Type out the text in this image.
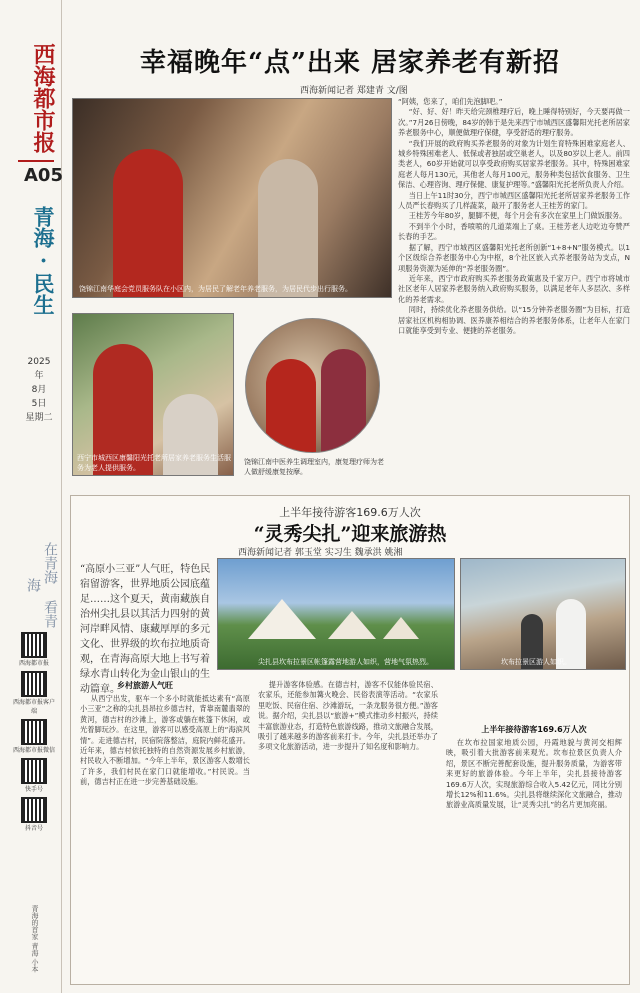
西海都市报
A05
青海·民生
2025年
8月
5日
星期二
在青海 看青海
西海都市报
西海都市报客户端
西海都市报微信
快手号
抖音号
青海的首家 青海 小本
幸福晚年“点”出来 居家养老有新招
西海新闻记者 郑建青 文/图
饶锦江南华庭会党员服务队在小区内，为居民了解老年养老服务，为居民代步出行服务。
西宁市城西区康馨阳光托老所居家养老服务生活服务为老人提供服务。
饶锦江南中医养生调理室内，康复理疗师为老人做舒缓康复按摩。

“阿姨，您来了，咱们先泡脚吧。”

“好、好、好！昨天给完颈椎理疗后，晚上睡得特别好，今天要再做一次。”7月26日傍晚，84岁的韩于是先来西宁市城西区盛馨阳光托老所居家养老服务中心，顺便做理疗保健，享受舒适的理疗服务。

“我们开展的政府购买养老服务的对象为计划生育特殊困难家庭老人、城乡特殊困难老人、低保或者独居或空巢老人，以及80岁以上老人。前四类老人，60岁开始就可以享受政府购买居家养老服务。其中，特殊困难家庭老人每月130元，其他老人每月100元，服务种类包括饮食服务、卫生保洁、心理咨询、理疗保健、康复护理等。”盛馨阳光托老所负责人介绍。

当日上午11时30分，西宁市城西区盛馨阳光托老所居家养老服务工作人员严长春购买了几样蔬菜，敲开了服务老人王桂芳的家门。

王桂芳今年80岁，腿脚不便，每个月会有多次在家里上门做饭服务。

不到半个小时，香喷喷的几道菜端上了桌。王桂芳老人边吃边夸赞严长春的手艺。

据了解，西宁市城西区盛馨阳光托老所创新“1+8+N”服务模式。以1个区级综合养老服务中心为中枢，8个社区嵌入式养老服务站为支点，N项服务资源为延伸的“养老服务圈”。

近年来，西宁市政府购买养老服务政策惠及千家万户。西宁市将城市社区老年人居家养老服务纳入政府购买服务，以满足老年人多层次、多样化的养老需求。

同时，持续优化养老服务供给。以“15分钟养老服务圈”为目标，打造居家社区机构相协调、医养康养相结合的养老服务体系，让老年人在家门口就能享受到专业、便捷的养老服务。

上半年接待游客169.6万人次
“灵秀尖扎”迎来旅游热
西海新闻记者 郭玉堂 实习生 魏承洪 姚湘
“高原小三亚”人气旺，特色民宿留游客，世界地质公园底蕴足……这个夏天，黄南藏族自治州尖扎县以其活力四射的黄河岸畔风情、康藏厚厚的多元文化、世界级的坎布拉地质奇观，在青海高原大地上书写着绿水青山转化为金山银山的生动篇章。
尖扎县坎布拉景区帐篷露营地游人如织，营地气氛热烈。	坎布拉景区游人如织。
乡村旅游人气旺
从西宁出发，驱车一个多小时就能抵达素有“高原小三亚”之称的尖扎县昂拉乡德吉村，背靠南麓翡翠的黄河，德吉村的沙滩上，游客或躺在帐篷下休闲，或光着脚玩沙。在这里，游客可以感受高原上的“海滨风情”。走进德吉村，民宿院落整洁，庭院内鲜花盛开。近年来，德吉村依托独特的自然资源发展乡村旅游，村民收入不断增加。“今年上半年，景区游客人数增长了许多，我们村民在家门口就能增收。”村民说。当前，德吉村正在进一步完善基础设施。
提升游客体验感。在德吉村，游客不仅能体验民宿、农家乐，还能参加篝火晚会、民俗表演等活动。“农家乐里吃饭、民宿住宿、沙滩游玩，一条龙服务很方便。”游客说。据介绍，尖扎县以“旅游+”模式推动乡村振兴，持续丰富旅游业态，打造特色旅游线路，推动文旅融合发展，吸引了越来越多的游客前来打卡。今年，尖扎县还举办了多项文化旅游活动，进一步提升了知名度和影响力。
上半年接待游客169.6万人次
在坎布拉国家地质公园，丹霞地貌与黄河交相辉映，吸引着大批游客前来观光。坎布拉景区负责人介绍，景区不断完善配套设施，提升服务质量，为游客带来更好的旅游体验。今年上半年，尖扎县接待游客169.6万人次，实现旅游综合收入5.42亿元，同比分别增长12%和11.6%。尖扎县将继续深化文旅融合，推动旅游业高质量发展，让“灵秀尖扎”的名片更加亮丽。
